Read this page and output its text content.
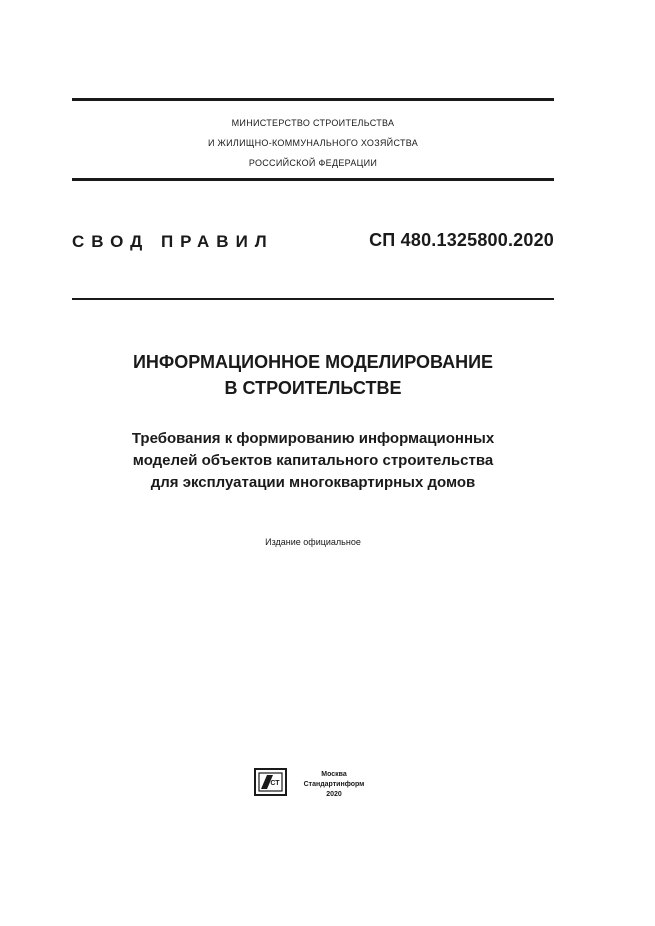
МИНИСТЕРСТВО СТРОИТЕЛЬСТВА
И ЖИЛИЩНО-КОММУНАЛЬНОГО ХОЗЯЙСТВА
РОССИЙСКОЙ ФЕДЕРАЦИИ
СВОД ПРАВИЛ	СП 480.1325800.2020
ИНФОРМАЦИОННОЕ МОДЕЛИРОВАНИЕ
В СТРОИТЕЛЬСТВЕ
Требования к формированию информационных
моделей объектов капитального строительства
для эксплуатации многоквартирных домов
Издание официальное
СТ
Москва
Стандартинформ
2020
